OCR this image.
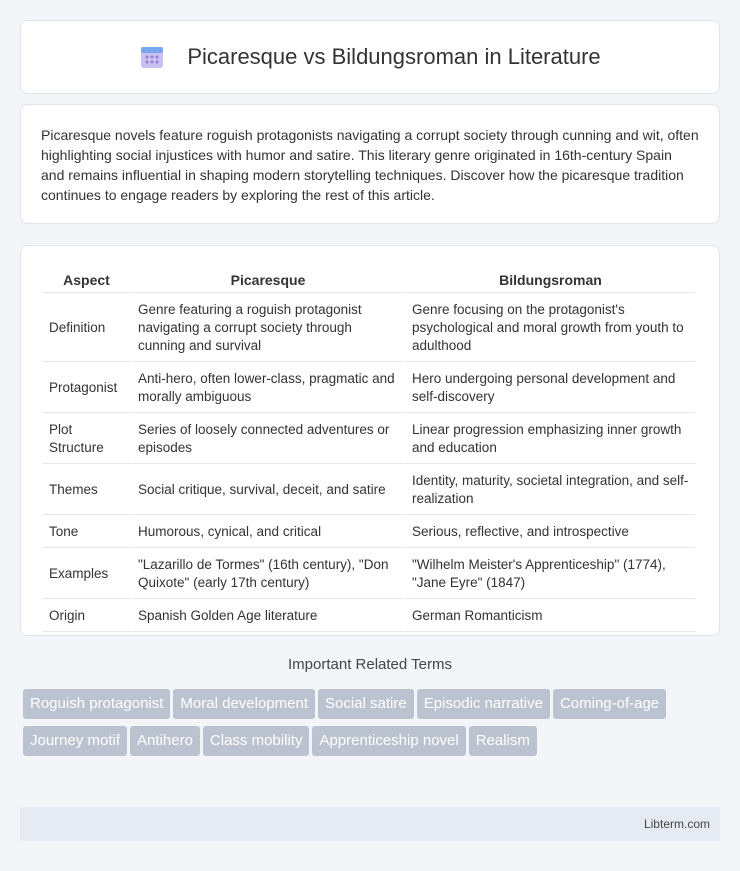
Picaresque vs Bildungsroman in Literature

Picaresque novels feature roguish protagonists navigating a corrupt society through cunning and wit, often highlighting social injustices with humor and satire. This literary genre originated in 16th-century Spain and remains influential in shaping modern storytelling techniques. Discover how the picaresque tradition continues to engage readers by exploring the rest of this article.

Aspect	Picaresque	Bildungsroman
Definition	Genre featuring a roguish protagonist navigating a corrupt society through cunning and survival	Genre focusing on the protagonist's psychological and moral growth from youth to adulthood
Protagonist	Anti-hero, often lower-class, pragmatic and morally ambiguous	Hero undergoing personal development and self-discovery
Plot Structure	Series of loosely connected adventures or episodes	Linear progression emphasizing inner growth and education
Themes	Social critique, survival, deceit, and satire	Identity, maturity, societal integration, and self-realization
Tone	Humorous, cynical, and critical	Serious, reflective, and introspective
Examples	"Lazarillo de Tormes" (16th century), "Don Quixote" (early 17th century)	"Wilhelm Meister's Apprenticeship" (1774), "Jane Eyre" (1847)
Origin	Spanish Golden Age literature	German Romanticism
Important Related Terms
Roguish protagonist	Moral development	Social satire	Episodic narrative	Coming-of-age
Journey motif	Antihero	Class mobility	Apprenticeship novel	Realism
Libterm.com
